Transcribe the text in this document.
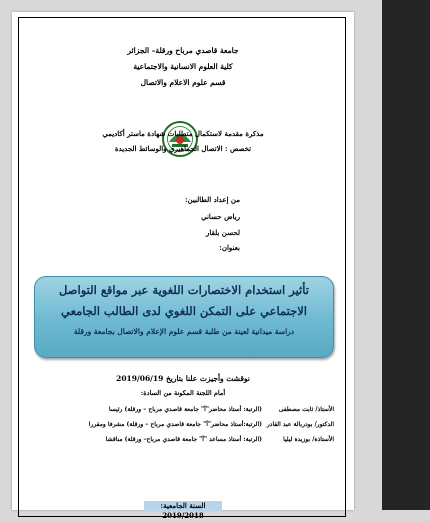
جامعة قاصدي مرباح ورقلة– الجزائر
كلية العلوم الانسانية والاجتماعية
قسم علوم الاعلام والاتصال
مذكرة مقدمة لاستكمال متطلبات شهادة ماستر أكاديمي
تخصص : الاتصال الجماهيري والوسائط الجديدة
من إعداد الطالبين:
رياض حساني
لحسن بلقار
بعنوان:
تأثير استخدام الاختصارات اللغوية عبر مواقع التواصل
الاجتماعي على التمكن اللغوي لدى الطالب الجامعي
دراسة ميدانية لعينة من طلبة قسم علوم الإعلام والاتصال بجامعة ورقلة
نوقشت وأجيزت علنا بتاريخ 2019/06/19
أمام اللجنة المكونة من السادة:
الأستاذ/ ثابت مصطفى
(الرتبة: أستاذ محاضر"أ" جامعة قاصدي مرباح – ورقلة) رئيسا
الدكتور/ بودربالة عبد القادر
(الرتبة:أستاذ محاضر"أ" جامعة قاصدي مرباح – ورقلة) مشرفا ومقررا
الأستاذة/ بوزيدة ليليا
(الرتبة: أستاذ مساعد "أ" جامعة قاصدي مرباح– ورقلة) مناقشا
السنة الجامعية: 2019/2018
